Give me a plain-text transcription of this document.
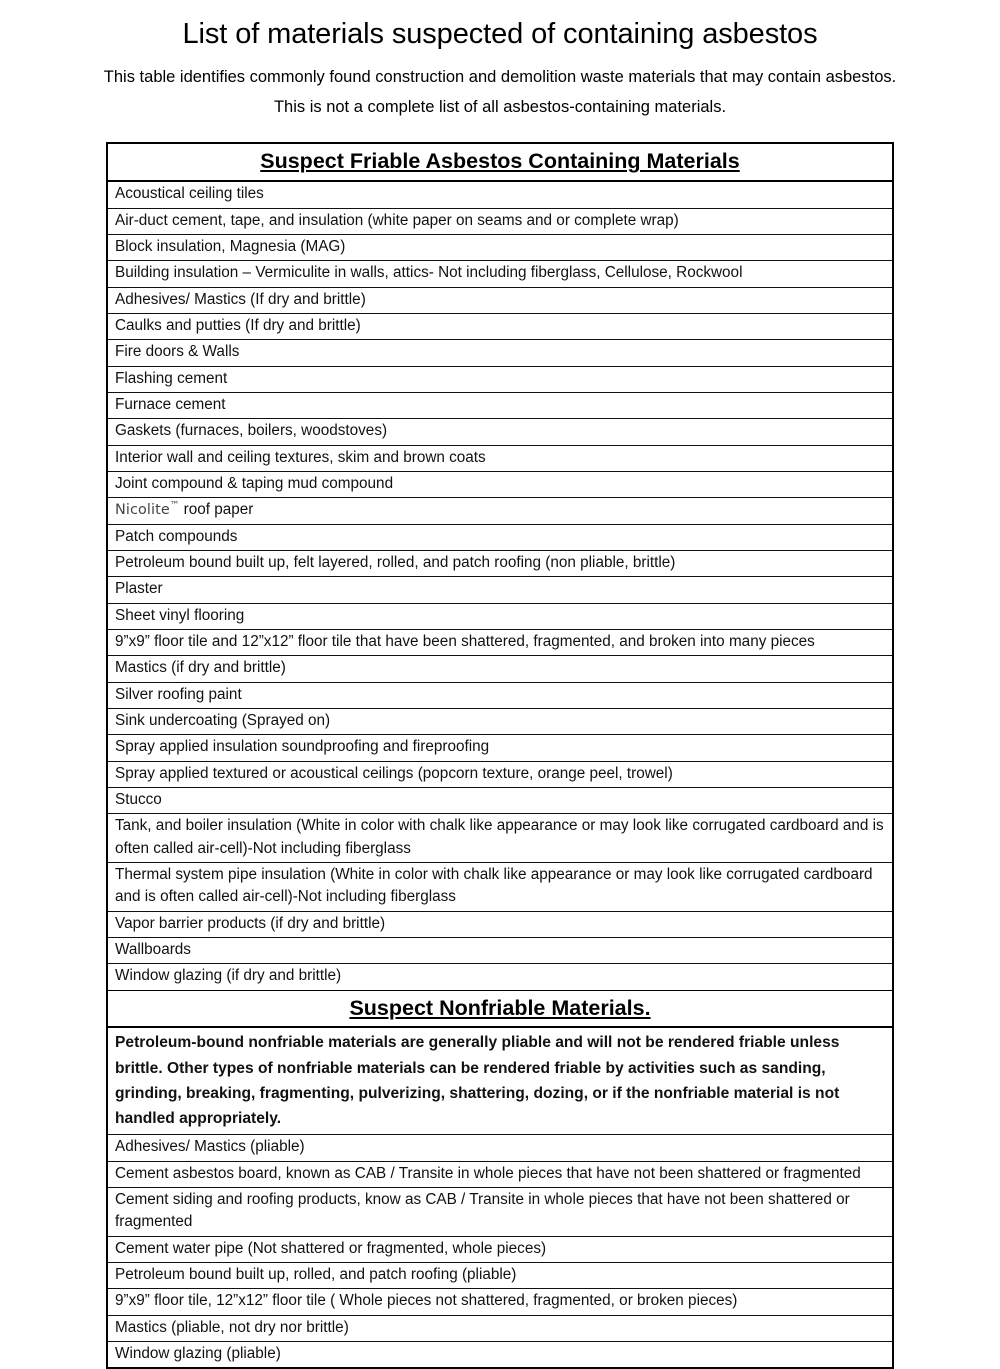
List of materials suspected of containing asbestos

This table identifies commonly found construction and demolition waste materials that may contain asbestos.

This is not a complete list of all asbestos-containing materials.

Suspect Friable Asbestos Containing Materials
Acoustical ceiling tiles
Air-duct cement, tape, and insulation (white paper on seams and or complete wrap)
Block insulation, Magnesia (MAG)
Building insulation – Vermiculite in walls, attics- Not including fiberglass, Cellulose, Rockwool
Adhesives/ Mastics (If dry and brittle)
Caulks and putties (If dry and brittle)
Fire doors & Walls
Flashing cement
Furnace cement
Gaskets (furnaces, boilers, woodstoves)
Interior wall and ceiling textures, skim and brown coats
Joint compound & taping mud compound
Nicolite™ roof paper
Patch compounds
Petroleum bound built up, felt layered, rolled, and patch roofing (non pliable, brittle)
Plaster
Sheet vinyl flooring
9”x9” floor tile and 12”x12” floor tile that have been shattered, fragmented, and broken into many pieces
Mastics (if dry and brittle)
Silver roofing paint
Sink undercoating (Sprayed on)
Spray applied insulation soundproofing and fireproofing
Spray applied textured or acoustical ceilings (popcorn texture, orange peel, trowel)
Stucco
Tank, and boiler insulation (White in color with chalk like appearance or may look like corrugated cardboard and is often called air-cell)-Not including fiberglass
Thermal system pipe insulation (White in color with chalk like appearance or may look like corrugated cardboard and is often called air-cell)-Not including fiberglass
Vapor barrier products (if dry and brittle)
Wallboards
Window glazing (if dry and brittle)
Suspect Nonfriable Materials.
Petroleum-bound nonfriable materials are generally pliable and will not be rendered friable unless brittle. Other types of nonfriable materials can be rendered friable by activities such as sanding, grinding, breaking, fragmenting, pulverizing, shattering, dozing, or if the nonfriable material is not handled appropriately.
Adhesives/ Mastics (pliable)
Cement asbestos board, known as CAB / Transite in whole pieces that have not been shattered or fragmented
Cement siding and roofing products, know as CAB / Transite in whole pieces that have not been shattered or fragmented
Cement water pipe (Not shattered or fragmented, whole pieces)
Petroleum bound built up, rolled, and patch roofing (pliable)
9”x9” floor tile, 12”x12” floor tile ( Whole pieces not shattered, fragmented, or broken pieces)
Mastics (pliable, not dry nor brittle)
Window glazing (pliable)
